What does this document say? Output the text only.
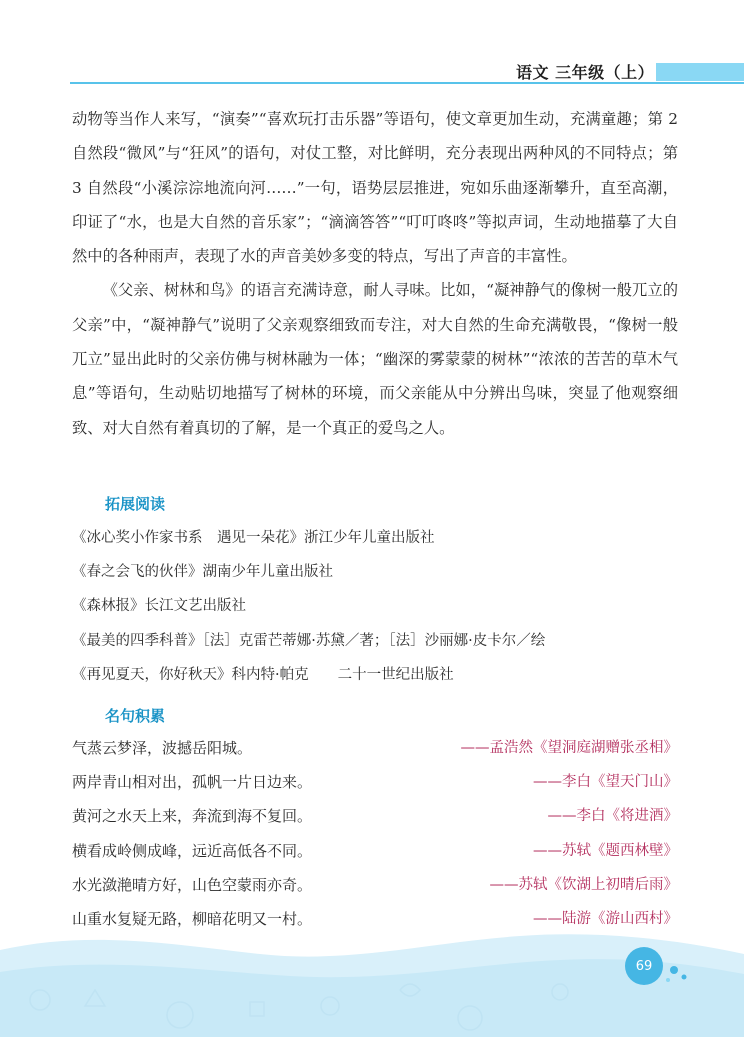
语文 三年级（上）

动物等当作人来写，“演奏”“喜欢玩打击乐器”等语句，使文章更加生动，充满童趣；第 2 自然段“微风”与“狂风”的语句，对仗工整，对比鲜明，充分表现出两种风的不同特点；第 3 自然段“小溪淙淙地流向河……”一句，语势层层推进，宛如乐曲逐渐攀升，直至高潮，印证了“水，也是大自然的音乐家”；“滴滴答答”“叮叮咚咚”等拟声词，生动地描摹了大自然中的各种雨声，表现了水的声音美妙多变的特点，写出了声音的丰富性。

《父亲、树林和鸟》的语言充满诗意，耐人寻味。比如，“凝神静气的像树一般兀立的父亲”中，“凝神静气”说明了父亲观察细致而专注，对大自然的生命充满敬畏，“像树一般兀立”显出此时的父亲仿佛与树林融为一体；“幽深的雾蒙蒙的树林”“浓浓的苦苦的草木气息”等语句，生动贴切地描写了树林的环境，而父亲能从中分辨出鸟味，突显了他观察细致、对大自然有着真切的了解，是一个真正的爱鸟之人。

拓展阅读
《冰心奖小作家书系　遇见一朵花》浙江少年儿童出版社
《春之会飞的伙伴》湖南少年儿童出版社
《森林报》长江文艺出版社
《最美的四季科普》［法］克雷芒蒂娜·苏黛／著；［法］沙丽娜·皮卡尔／绘
《再见夏天，你好秋天》科内特·帕克　　二十一世纪出版社
名句积累
气蒸云梦泽，波撼岳阳城。	——孟浩然《望洞庭湖赠张丞相》
两岸青山相对出，孤帆一片日边来。	——李白《望天门山》
黄河之水天上来，奔流到海不复回。	——李白《将进酒》
横看成岭侧成峰，远近高低各不同。	——苏轼《题西林壁》
水光潋滟晴方好，山色空蒙雨亦奇。	——苏轼《饮湖上初晴后雨》
山重水复疑无路，柳暗花明又一村。	——陆游《游山西村》
69
